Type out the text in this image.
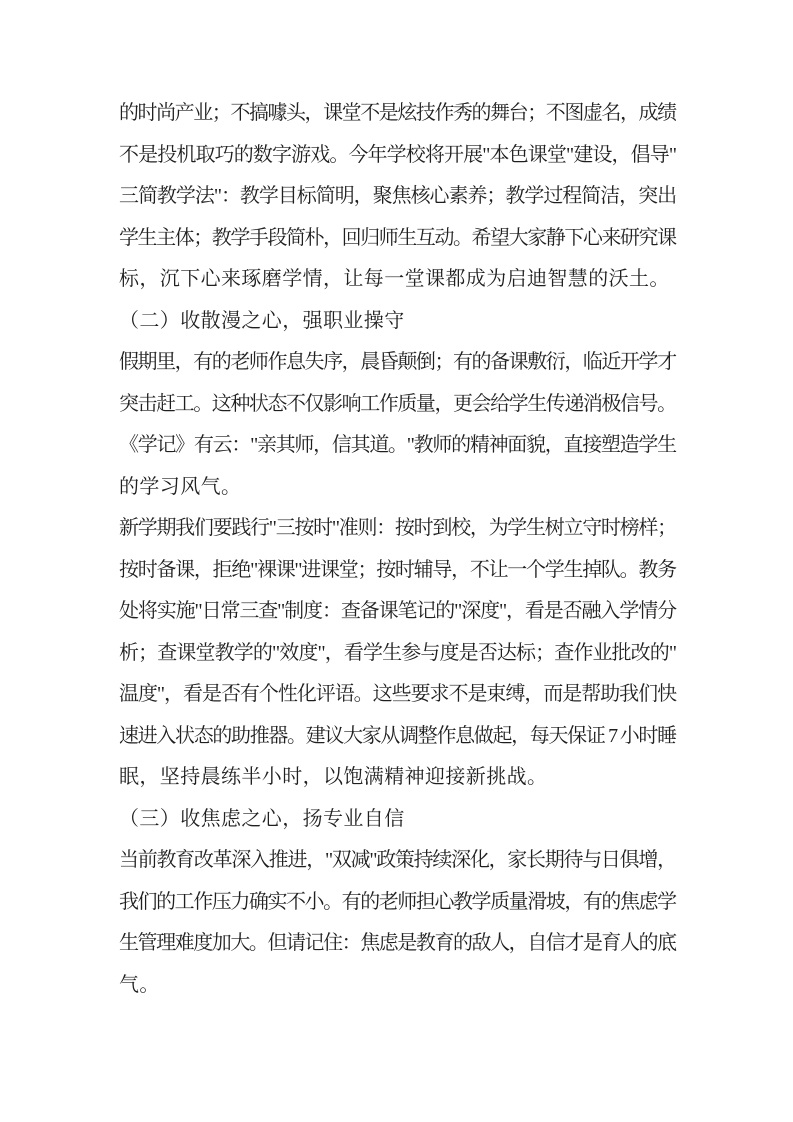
的时尚产业；不搞噱头，课堂不是炫技作秀的舞台；不图虚名，成绩
不是投机取巧的数字游戏。今年学校将开展"本色课堂"建设，倡导"
三简教学法"：教学目标简明，聚焦核心素养；教学过程简洁，突出
学生主体；教学手段简朴，回归师生互动。希望大家静下心来研究课
标，沉下心来琢磨学情，让每一堂课都成为启迪智慧的沃土。
（二）收散漫之心，强职业操守
假期里，有的老师作息失序，晨昏颠倒；有的备课敷衍，临近开学才
突击赶工。这种状态不仅影响工作质量，更会给学生传递消极信号。
《学记》有云："亲其师，信其道。"教师的精神面貌，直接塑造学生
的学习风气。
新学期我们要践行"三按时"准则：按时到校，为学生树立守时榜样；
按时备课，拒绝"裸课"进课堂；按时辅导，不让一个学生掉队。教务
处将实施"日常三查"制度：查备课笔记的"深度"，看是否融入学情分
析；查课堂教学的"效度"，看学生参与度是否达标；查作业批改的"
温度"，看是否有个性化评语。这些要求不是束缚，而是帮助我们快
速进入状态的助推器。建议大家从调整作息做起，每天保证 7 小时睡
眠，坚持晨练半小时，以饱满精神迎接新挑战。
（三）收焦虑之心，扬专业自信
当前教育改革深入推进，"双减"政策持续深化，家长期待与日俱增，
我们的工作压力确实不小。有的老师担心教学质量滑坡，有的焦虑学
生管理难度加大。但请记住：焦虑是教育的敌人，自信才是育人的底
气。
